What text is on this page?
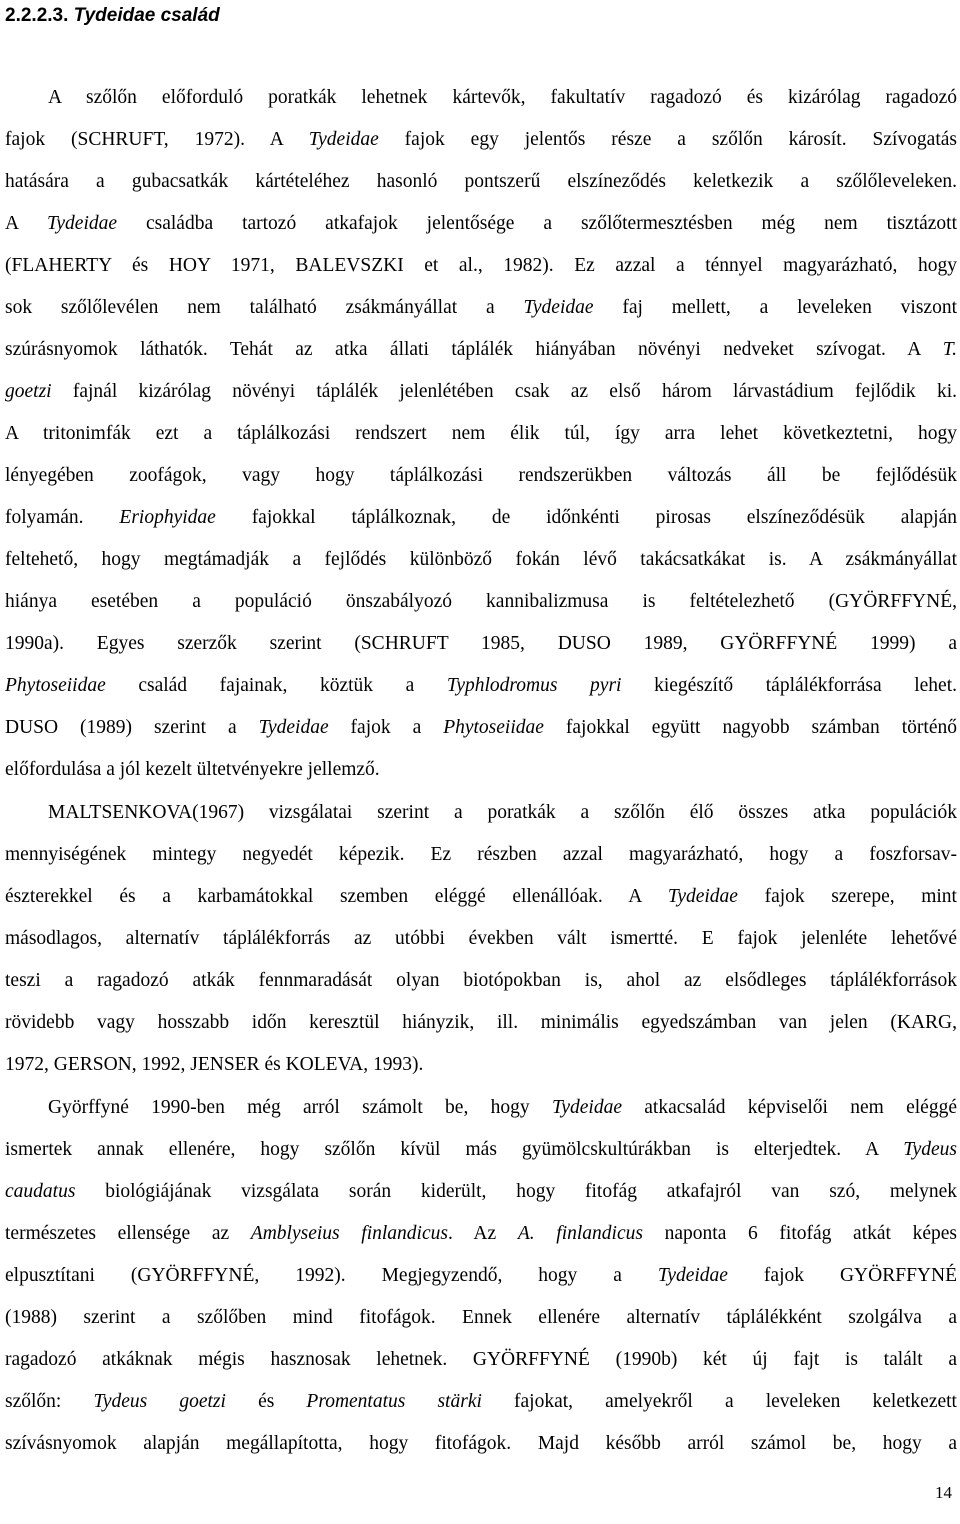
2.2.2.3. Tydeidae család
A szőlőn előforduló poratkák lehetnek kártevők, fakultatív ragadozó és kizárólag ragadozó
fajok (SCHRUFT, 1972). A Tydeidae fajok egy jelentős része a szőlőn károsít. Szívogatás
hatására a gubacsatkák kártételéhez hasonló pontszerű elszíneződés keletkezik a szőlőleveleken.
A Tydeidae családba tartozó atkafajok jelentősége a szőlőtermesztésben még nem tisztázott
(FLAHERTY és HOY 1971, BALEVSZKI et al., 1982). Ez azzal a ténnyel magyarázható, hogy
sok szőlőlevélen nem található zsákmányállat a Tydeidae faj mellett, a leveleken viszont
szúrásnyomok láthatók. Tehát az atka állati táplálék hiányában növényi nedveket szívogat. A T.
goetzi fajnál kizárólag növényi táplálék jelenlétében csak az első három lárvastádium fejlődik ki.
A tritonimfák ezt a táplálkozási rendszert nem élik túl, így arra lehet következtetni, hogy
lényegében zoofágok, vagy hogy táplálkozási rendszerükben változás áll be fejlődésük
folyamán. Eriophyidae fajokkal táplálkoznak, de időnkénti pirosas elszíneződésük alapján
feltehető, hogy megtámadják a fejlődés különböző fokán lévő takácsatkákat is. A zsákmányállat
hiánya esetében a populáció önszabályozó kannibalizmusa is feltételezhető (GYÖRFFYNÉ,
1990a). Egyes szerzők szerint (SCHRUFT 1985, DUSO 1989, GYÖRFFYNÉ 1999) a
Phytoseiidae család fajainak, köztük a Typhlodromus pyri kiegészítő táplálékforrása lehet.
DUSO (1989) szerint a Tydeidae fajok a Phytoseiidae fajokkal együtt nagyobb számban történő
előfordulása a jól kezelt ültetvényekre jellemző.
MALTSENKOVA(1967) vizsgálatai szerint a poratkák a szőlőn élő összes atka populációk
mennyiségének mintegy negyedét képezik. Ez részben azzal magyarázható, hogy a foszforsav-
észterekkel és a karbamátokkal szemben eléggé ellenállóak. A Tydeidae fajok szerepe, mint
másodlagos, alternatív táplálékforrás az utóbbi években vált ismertté. E fajok jelenléte lehetővé
teszi a ragadozó atkák fennmaradását olyan biotópokban is, ahol az elsődleges táplálékforrások
rövidebb vagy hosszabb időn keresztül hiányzik, ill. minimális egyedszámban van jelen (KARG,
1972, GERSON, 1992, JENSER és KOLEVA, 1993).
Györffyné 1990-ben még arról számolt be, hogy Tydeidae atkacsalád képviselői nem eléggé
ismertek annak ellenére, hogy szőlőn kívül más gyümölcskultúrákban is elterjedtek. A Tydeus
caudatus biológiájának vizsgálata során kiderült, hogy fitofág atkafajról van szó, melynek
természetes ellensége az Amblyseius finlandicus. Az A. finlandicus naponta 6 fitofág atkát képes
elpusztítani (GYÖRFFYNÉ, 1992). Megjegyzendő, hogy a Tydeidae fajok GYÖRFFYNÉ
(1988) szerint a szőlőben mind fitofágok. Ennek ellenére alternatív táplálékként szolgálva a
ragadozó atkáknak mégis hasznosak lehetnek. GYÖRFFYNÉ (1990b) két új fajt is talált a
szőlőn: Tydeus goetzi és Promentatus stärki fajokat, amelyekről a leveleken keletkezett
szívásnyomok alapján megállapította, hogy fitofágok. Majd később arról számol be, hogy a
14
